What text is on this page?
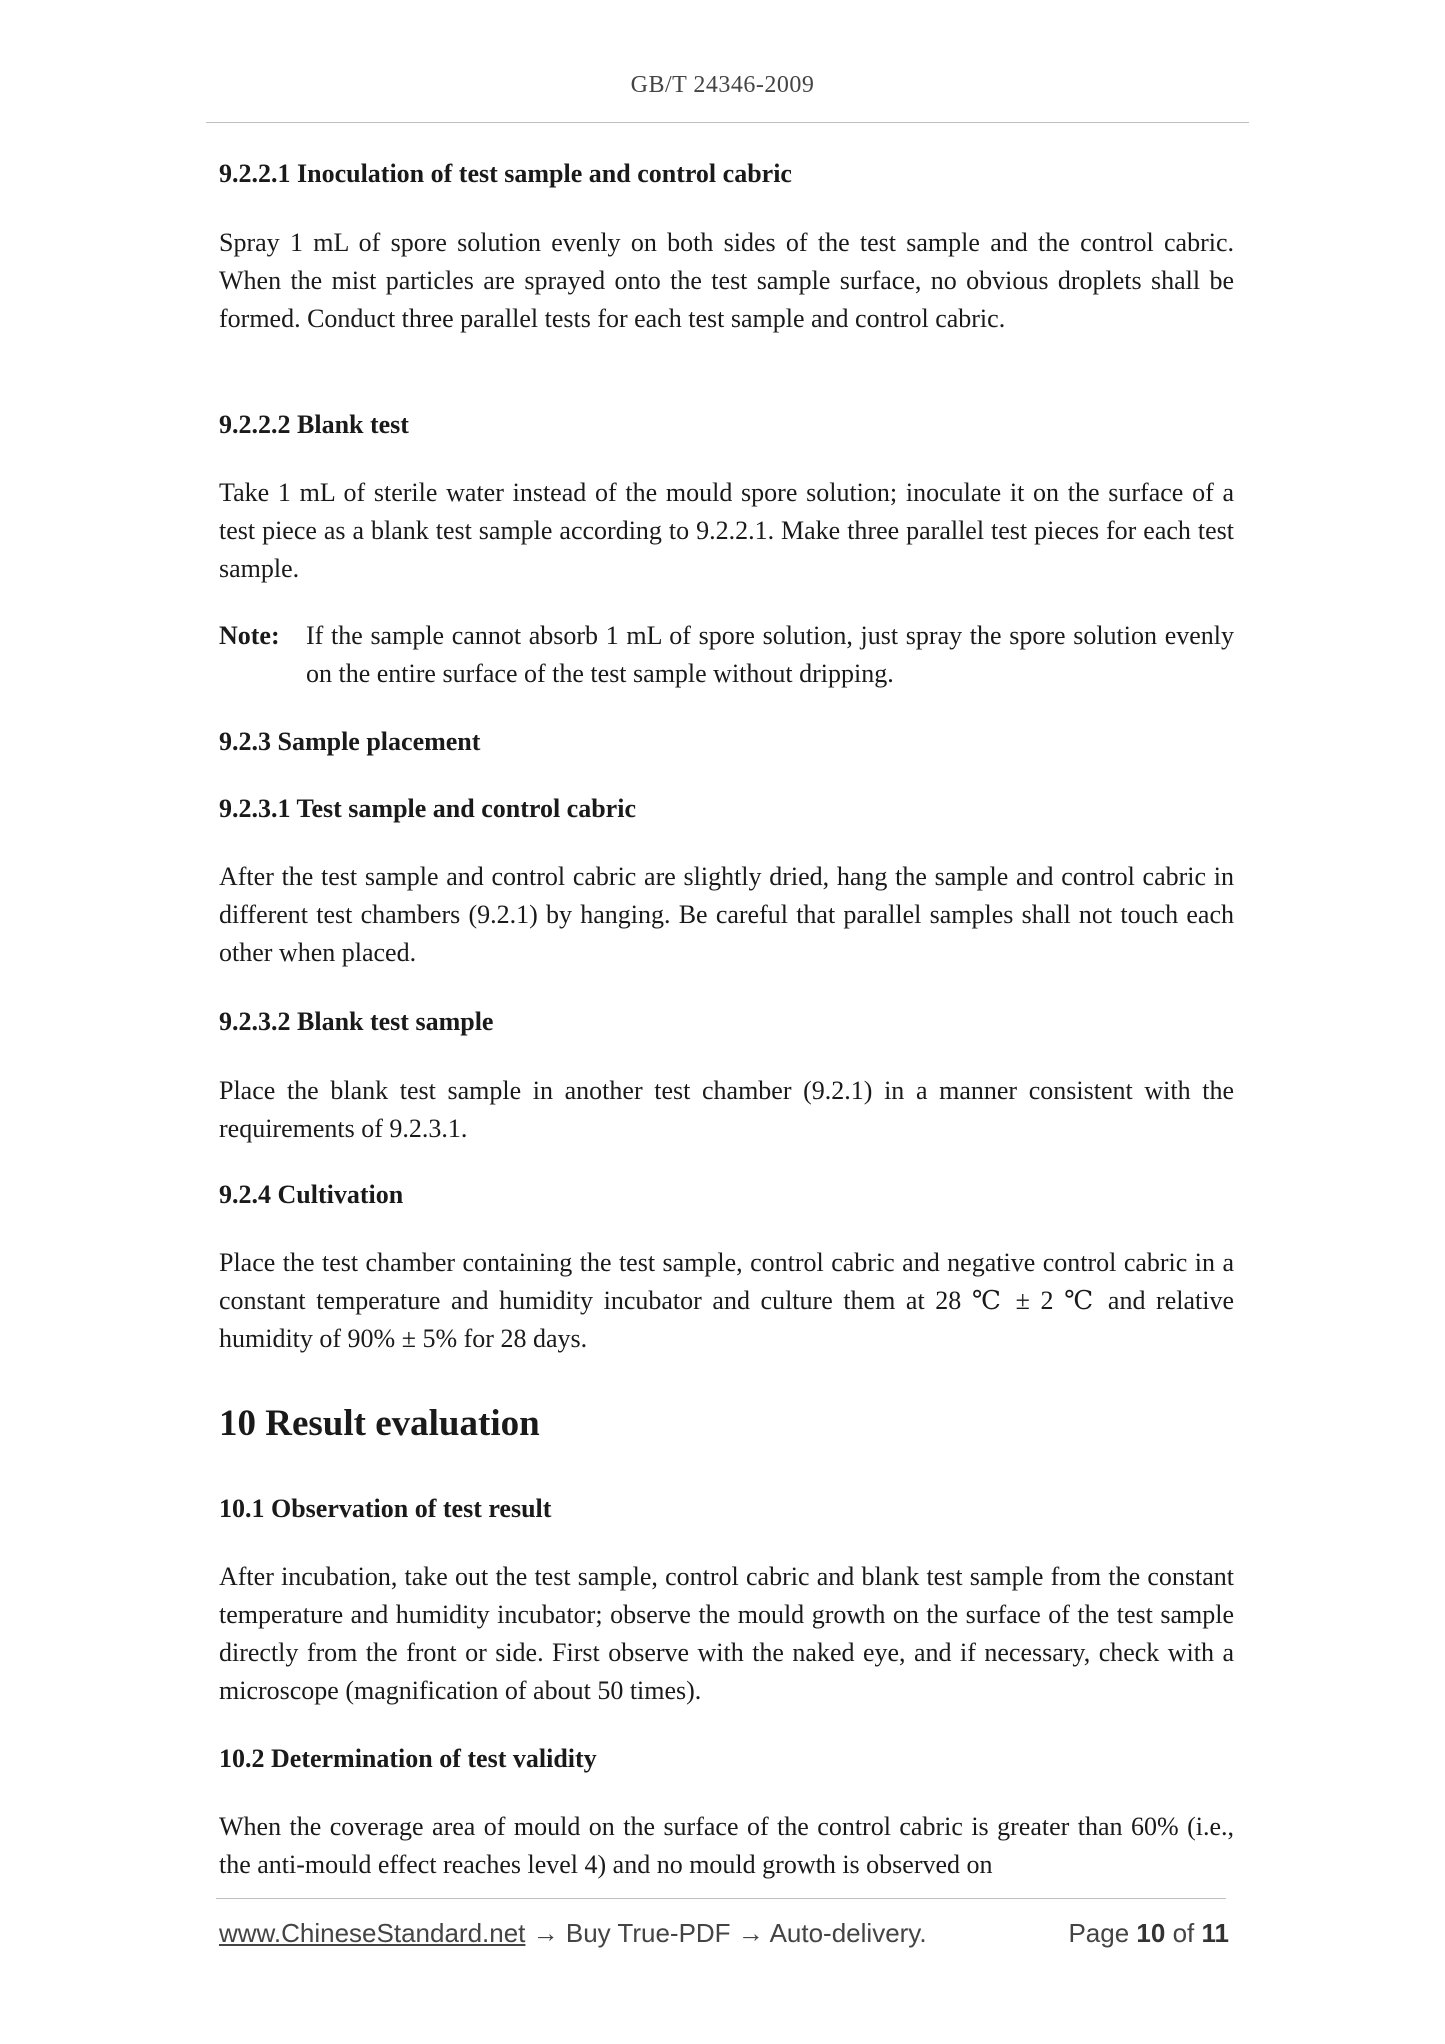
GB/T 24346-2009
9.2.2.1 Inoculation of test sample and control cabric

Spray 1 mL of spore solution evenly on both sides of the test sample and the control cabric. When the mist particles are sprayed onto the test sample surface, no obvious droplets shall be formed. Conduct three parallel tests for each test sample and control cabric.

9.2.2.2 Blank test

Take 1 mL of sterile water instead of the mould spore solution; inoculate it on the surface of a test piece as a blank test sample according to 9.2.2.1. Make three parallel test pieces for each test sample.

Note: If the sample cannot absorb 1 mL of spore solution, just spray the spore solution evenly on the entire surface of the test sample without dripping.
9.2.3 Sample placement
9.2.3.1 Test sample and control cabric

After the test sample and control cabric are slightly dried, hang the sample and control cabric in different test chambers (9.2.1) by hanging. Be careful that parallel samples shall not touch each other when placed.

9.2.3.2 Blank test sample

Place the blank test sample in another test chamber (9.2.1) in a manner consistent with the requirements of 9.2.3.1.

9.2.4 Cultivation

Place the test chamber containing the test sample, control cabric and negative control cabric in a constant temperature and humidity incubator and culture them at 28 ℃ ± 2 ℃ and relative humidity of 90% ± 5% for 28 days.

10 Result evaluation
10.1 Observation of test result

After incubation, take out the test sample, control cabric and blank test sample from the constant temperature and humidity incubator; observe the mould growth on the surface of the test sample directly from the front or side. First observe with the naked eye, and if necessary, check with a microscope (magnification of about 50 times).

10.2 Determination of test validity

When the coverage area of mould on the surface of the control cabric is greater than 60% (i.e., the anti-mould effect reaches level 4) and no mould growth is observed on

www.ChineseStandard.net → Buy True-PDF → Auto-delivery.	Page 10 of 11
